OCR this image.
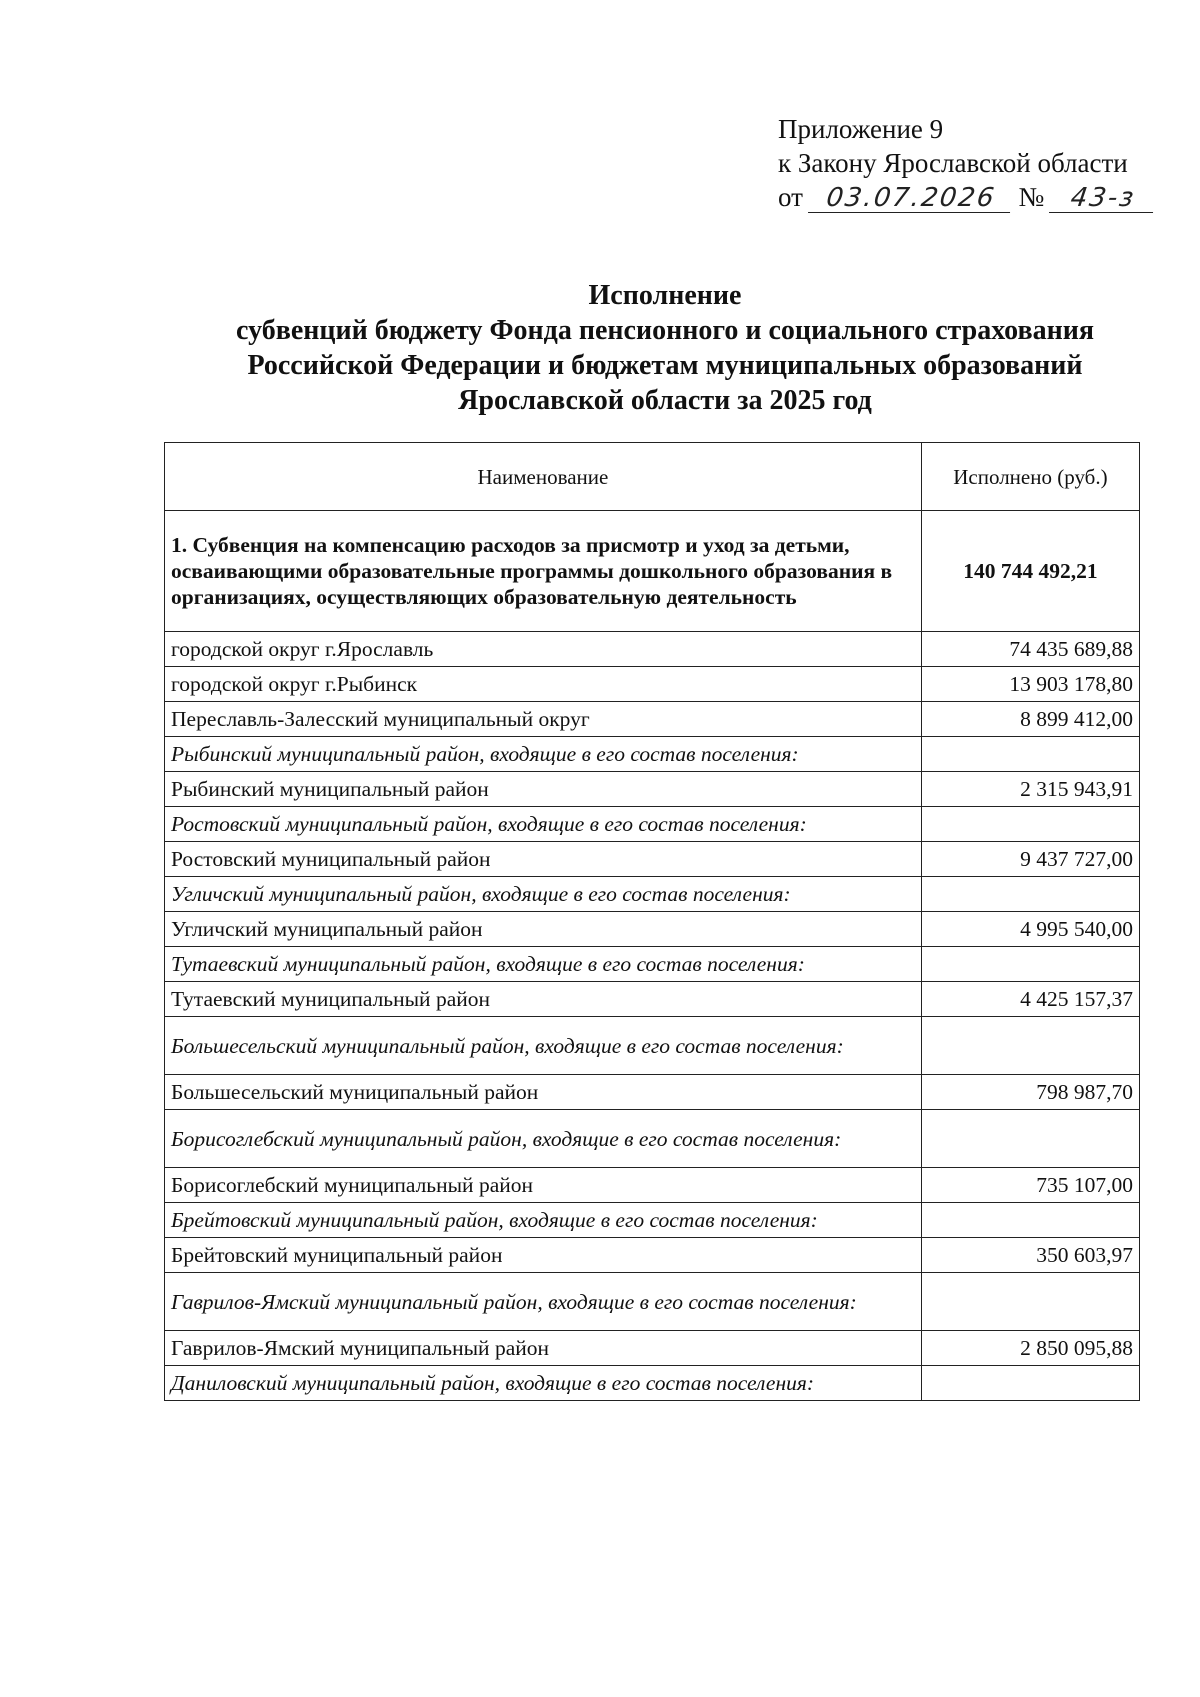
Приложение 9
к Закону Ярославской области
от 03.07.2026 № 43-з
Исполнение
субвенций бюджету Фонда пенсионного и социального страхования
Российской Федерации и бюджетам муниципальных образований
Ярославской области за 2025 год
Наименование	Исполнено (руб.)
1. Субвенция на компенсацию расходов за присмотр и уход за детьми, осваивающими образовательные программы дошкольного образования в организациях, осуществляющих образовательную деятельность	140 744 492,21
городской округ г.Ярославль	74 435 689,88
городской округ г.Рыбинск	13 903 178,80
Переславль-Залесский муниципальный округ	8 899 412,00
Рыбинский муниципальный район, входящие в его состав поселения:	
Рыбинский муниципальный район	2 315 943,91
Ростовский муниципальный район, входящие в его состав поселения:	
Ростовский муниципальный район	9 437 727,00
Угличский муниципальный район, входящие в его состав поселения:	
Угличский муниципальный район	4 995 540,00
Тутаевский муниципальный район, входящие в его состав поселения:	
Тутаевский муниципальный район	4 425 157,37
Большесельский муниципальный район, входящие в его состав поселения:	
Большесельский муниципальный район	798 987,70
Борисоглебский муниципальный район, входящие в его состав поселения:	
Борисоглебский муниципальный район	735 107,00
Брейтовский муниципальный район, входящие в его состав поселения:	
Брейтовский муниципальный район	350 603,97
Гаврилов-Ямский муниципальный район, входящие в его состав поселения:	
Гаврилов-Ямский муниципальный район	2 850 095,88
Даниловский муниципальный район, входящие в его состав поселения:	
